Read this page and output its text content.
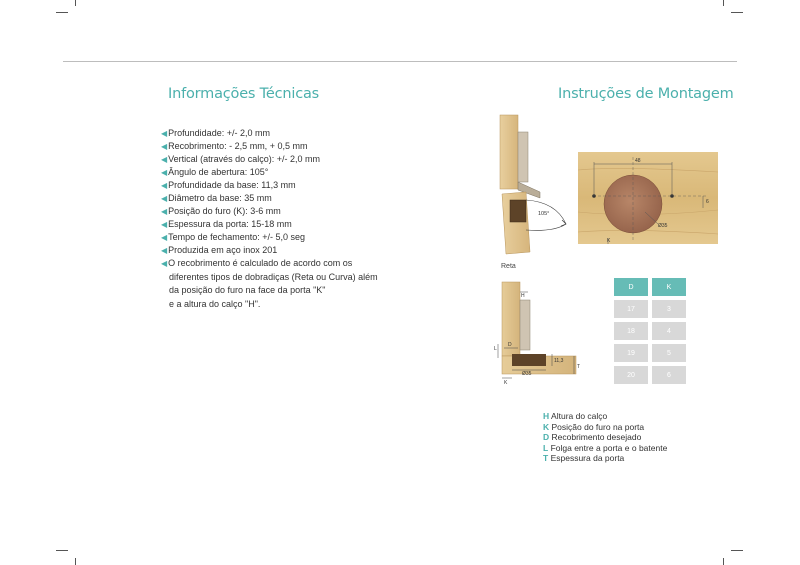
Informações Técnicas	Instruções de Montagem
◀Profundidade: +/- 2,0 mm
◀Recobrimento: - 2,5 mm, + 0,5 mm
◀Vertical (através do calço): +/- 2,0 mm
◀Ângulo de abertura: 105°
◀Profundidade da base: 11,3 mm
◀Diâmetro da base: 35 mm
◀Posição do furo (K): 3-6 mm
◀Espessura da porta: 15-18 mm
◀Tempo de fechamento: +/- 5,0 seg
◀Produzida em aço inox 201
◀O recobrimento é calculado de acordo com os
diferentes tipos de dobradiças (Reta ou Curva) além
da posição do furo na face da porta "K"
e a altura do calço "H".
105°
48
6
K
Ø35
Reta
H
L
D
11,3
T
Ø35
K
D	K
17	3
18	4
19	5
20	6
H Altura do calço
K Posição do furo na porta
D Recobrimento desejado
L Folga entre a porta e o batente
T Espessura da porta
